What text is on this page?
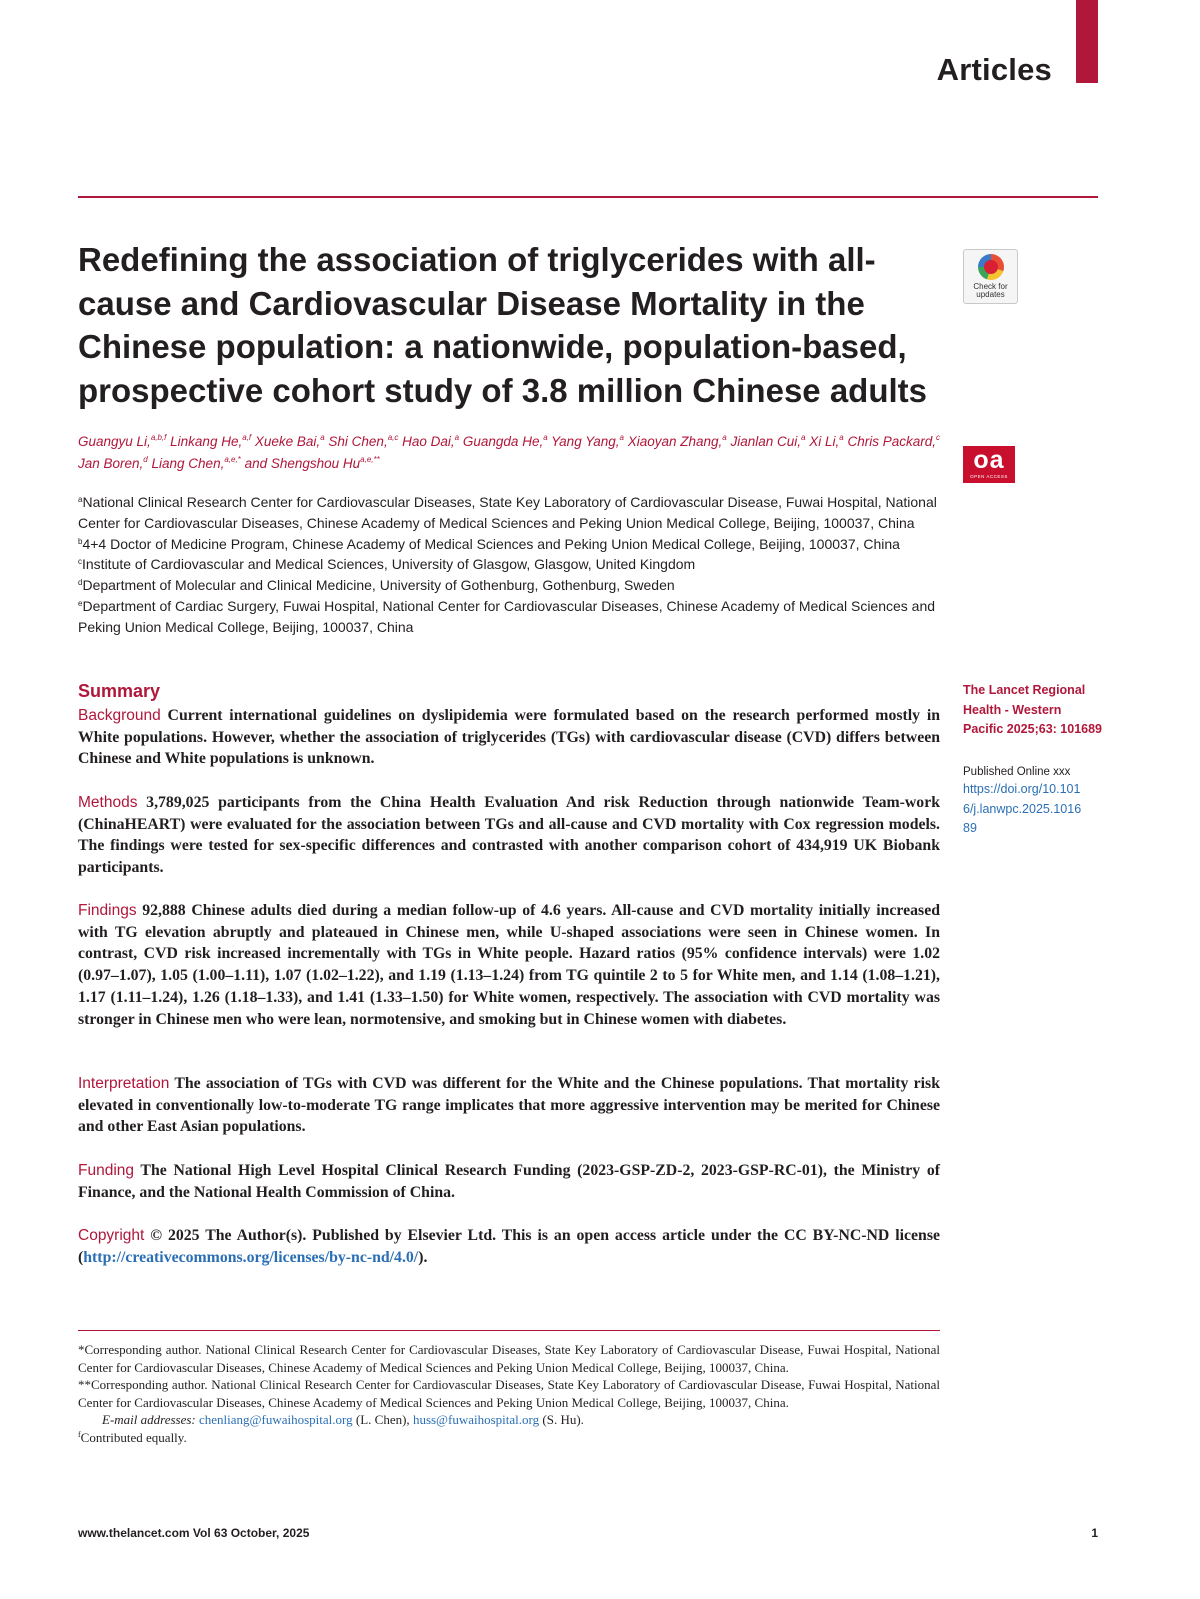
Articles
Redefining the association of triglycerides with all-cause and Cardiovascular Disease Mortality in the Chinese population: a nationwide, population-based, prospective cohort study of 3.8 million Chinese adults
Check for updates
oa
OPEN ACCESS
Guangyu Li,$^{a,b,f}$ Linkang He,$^{a,f}$ Xueke Bai,$^a$ Shi Chen,$^{a,c}$ Hao Dai,$^a$ Guangda He,$^a$ Yang Yang,$^a$ Xiaoyan Zhang,$^a$ Jianlan Cui,$^a$ Xi Li,$^a$ Chris Packard,$^c$
Jan Boren,$^d$ Liang Chen,$^{a,e,*}$ and Shengshou $Hu^{a,e,**}$

$^a$National Clinical Research Center for Cardiovascular Diseases, State Key Laboratory of Cardiovascular Disease, Fuwai Hospital, National Center for Cardiovascular Diseases, Chinese Academy of Medical Sciences and Peking Union Medical College, Beijing, 100037, China

$^b$4+4 Doctor of Medicine Program, Chinese Academy of Medical Sciences and Peking Union Medical College, Beijing, 100037, China

$^c$Institute of Cardiovascular and Medical Sciences, University of Glasgow, Glasgow, United Kingdom

$^d$Department of Molecular and Clinical Medicine, University of Gothenburg, Gothenburg, Sweden

$^e$Department of Cardiac Surgery, Fuwai Hospital, National Center for Cardiovascular Diseases, Chinese Academy of Medical Sciences and Peking Union Medical College, Beijing, 100037, China

Summary

Background Current international guidelines on dyslipidemia were formulated based on the research performed mostly in White populations. However, whether the association of triglycerides (TGs) with cardiovascular disease (CVD) differs between Chinese and White populations is unknown.

Methods 3,789,025 participants from the China Health Evaluation And risk Reduction through nationwide Team-work (ChinaHEART) were evaluated for the association between TGs and all-cause and CVD mortality with Cox regression models. The findings were tested for sex-specific differences and contrasted with another comparison cohort of 434,919 UK Biobank participants.

Findings 92,888 Chinese adults died during a median follow-up of 4.6 years. All-cause and CVD mortality initially increased with TG elevation abruptly and plateaued in Chinese men, while U-shaped associations were seen in Chinese women. In contrast, CVD risk increased incrementally with TGs in White people. Hazard ratios (95% confidence intervals) were 1.02 (0.97–1.07), 1.05 (1.00–1.11), 1.07 (1.02–1.22), and 1.19 (1.13–1.24) from TG quintile 2 to 5 for White men, and 1.14 (1.08–1.21), 1.17 (1.11–1.24), 1.26 (1.18–1.33), and 1.41 (1.33–1.50) for White women, respectively. The association with CVD mortality was stronger in Chinese men who were lean, normotensive, and smoking but in Chinese women with diabetes.

Interpretation The association of TGs with CVD was different for the White and the Chinese populations. That mortality risk elevated in conventionally low-to-moderate TG range implicates that more aggressive intervention may be merited for Chinese and other East Asian populations.

Funding The National High Level Hospital Clinical Research Funding (2023-GSP-ZD-2, 2023-GSP-RC-01), the Ministry of Finance, and the National Health Commission of China.

Copyright © 2025 The Author(s). Published by Elsevier Ltd. This is an open access article under the CC BY-NC-ND license (http://creativecommons.org/licenses/by-nc-nd/4.0/).

The Lancet Regional Health - Western Pacific 2025;63: 101689
Published Online xxx
https://doi.org/10.1016/j.lanwpc.2025.101689

*Corresponding author. National Clinical Research Center for Cardiovascular Diseases, State Key Laboratory of Cardiovascular Disease, Fuwai Hospital, National Center for Cardiovascular Diseases, Chinese Academy of Medical Sciences and Peking Union Medical College, Beijing, 100037, China.

**Corresponding author. National Clinical Research Center for Cardiovascular Diseases, State Key Laboratory of Cardiovascular Disease, Fuwai Hospital, National Center for Cardiovascular Diseases, Chinese Academy of Medical Sciences and Peking Union Medical College, Beijing, 100037, China.

E-mail addresses: chenliang@fuwaihospital.org (L. Chen), huss@fuwaihospital.org (S. Hu).

$^f$Contributed equally.

www.thelancet.com Vol 63 October, 2025	1
